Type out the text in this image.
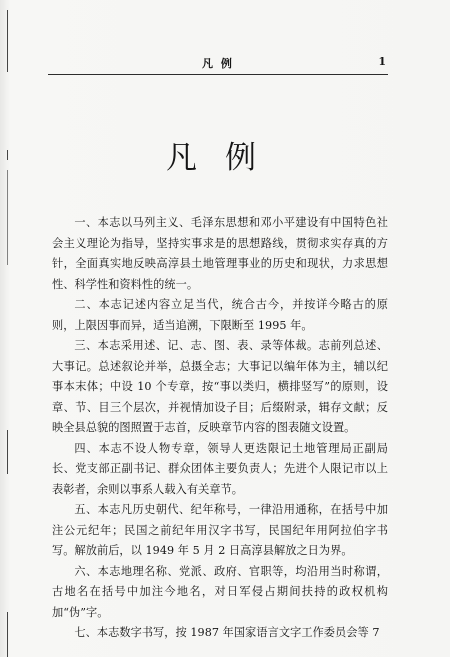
凡 例	1
凡例

一、本志以马列主义、毛泽东思想和邓小平建设有中国特色社会主义理论为指导，坚持实事求是的思想路线，贯彻求实存真的方针，全面真实地反映高淳县土地管理事业的历史和现状，力求思想性、科学性和资料性的统一。

二、本志记述内容立足当代，统合古今，并按详今略古的原则，上限因事而异，适当追溯，下限断至 1995 年。

三、本志采用述、记、志、图、表、录等体裁。志前列总述、大事记。总述叙论并举，总摄全志；大事记以编年体为主，辅以纪事本末体；中设 10 个专章，按“事以类归，横排竖写”的原则，设章、节、目三个层次，并视情加设子目；后缀附录，辑存文献；反映全县总貌的图照置于志首，反映章节内容的图表随文设置。

四、本志不设人物专章，领导人更迭限记土地管理局正副局长、党支部正副书记、群众团体主要负责人；先进个人限记市以上表彰者，余则以事系人载入有关章节。

五、本志凡历史朝代、纪年称号，一律沿用通称，在括号中加注公元纪年；民国之前纪年用汉字书写，民国纪年用阿拉伯字书写。解放前后，以 1949 年 5 月 2 日高淳县解放之日为界。

六、本志地理名称、党派、政府、官职等，均沿用当时称谓，古地名在括号中加注今地名，对日军侵占期间扶持的政权机构加“伪”字。

七、本志数字书写，按 1987 年国家语言文字工作委员会等 7
